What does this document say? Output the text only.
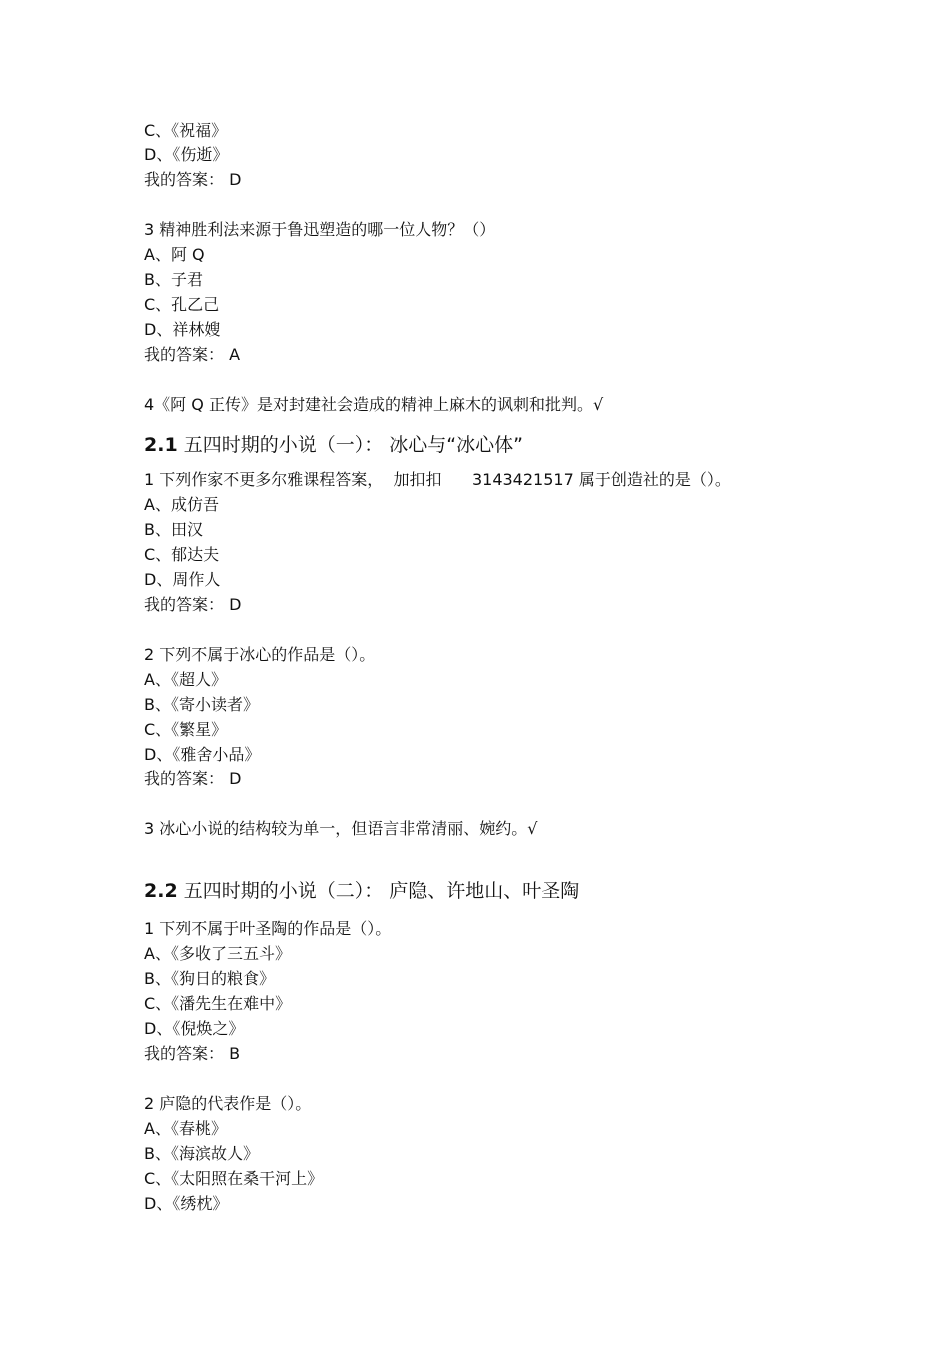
C、《祝福》
D、《伤逝》
我的答案： D
3 精神胜利法来源于鲁迅塑造的哪一位人物？（）
A、阿 Q
B、子君
C、孔乙己
D、祥林嫂
我的答案： A
4《阿 Q 正传》是对封建社会造成的精神上麻木的讽刺和批判。√
2.1 五四时期的小说（一）： 冰心与“冰心体”
1 下列作家不更多尔雅课程答案，  加扣扣      3143421517 属于创造社的是（）。
A、成仿吾
B、田汉
C、郁达夫
D、周作人
我的答案： D
2 下列不属于冰心的作品是（）。
A、《超人》
B、《寄小读者》
C、《繁星》
D、《雅舍小品》
我的答案： D
3 冰心小说的结构较为单一，但语言非常清丽、婉约。√
2.2 五四时期的小说（二）： 庐隐、许地山、叶圣陶
1 下列不属于叶圣陶的作品是（）。
A、《多收了三五斗》
B、《狗日的粮食》
C、《潘先生在难中》
D、《倪焕之》
我的答案： B
2 庐隐的代表作是（）。
A、《春桃》
B、《海滨故人》
C、《太阳照在桑干河上》
D、《绣枕》
